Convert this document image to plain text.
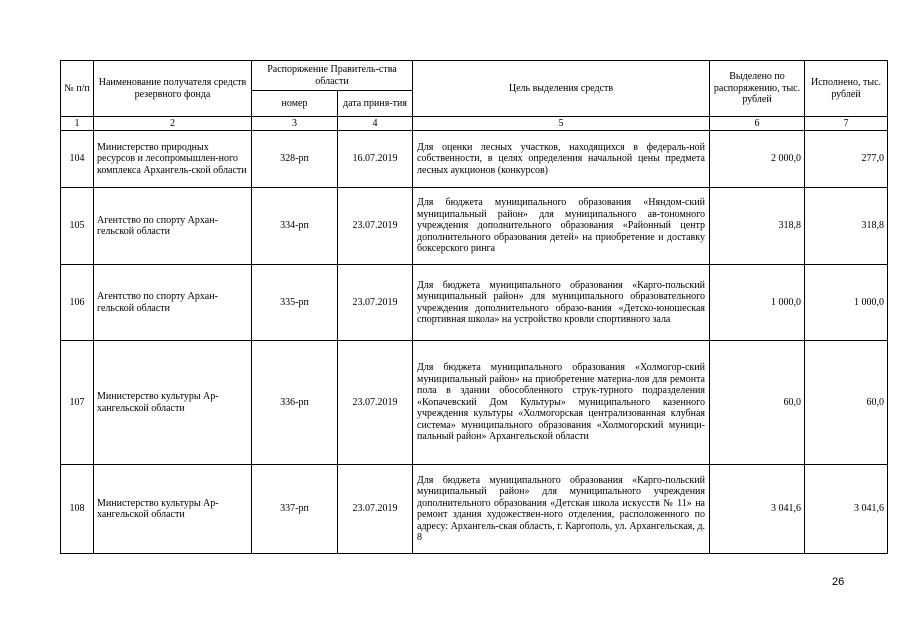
№ п/п	Наименование получателя средств резервного фонда	Распоряжение Правитель-ства области		Цель выделения средств	Выделено по распоряжению, тыс. рублей	Исполнено, тыс. рублей
		номер	дата приня-тия			
1	2	3	4	5	6	7
104	Министерство природных ресурсов и лесопромышлен-ного комплекса Архангель-ской области	328-рп	16.07.2019	Для оценки лесных участков, находящихся в федераль-ной собственности, в целях определения начальной цены предмета лесных аукционов (конкурсов)	2 000,0	277,0
105	Агентство по спорту Архан-гельской области	334-рп	23.07.2019	Для бюджета муниципального образования «Няндом-ский муниципальный район» для муниципального ав-тономного учреждения дополнительного образования «Районный центр дополнительного образования детей» на приобретение и доставку боксерского ринга	318,8	318,8
106	Агентство по спорту Архан-гельской области	335-рп	23.07.2019	Для бюджета муниципального образования «Карго-польский муниципальный район» для муниципального образовательного учреждения дополнительного образо-вания «Детско-юношеская спортивная школа» на устройство кровли спортивного зала	1 000,0	1 000,0
107	Министерство культуры Ар-хангельской области	336-рп	23.07.2019	Для бюджета муниципального образования «Холмогор-ский муниципальный район» на приобретение материа-лов для ремонта пола в здании обособленного струк-турного подразделения «Копачевский Дом Культуры» муниципального казенного учреждения культуры «Холмогорская централизованная клубная система» муниципального образования «Холмогорский муници-пальный район» Архангельской области	60,0	60,0
108	Министерство культуры Ар-хангельской области	337-рп	23.07.2019	Для бюджета муниципального образования «Карго-польский муниципальный район» для муниципального учреждения дополнительного образования «Детская школа искусств № 11» на ремонт здания художествен-ного отделения, расположенного по адресу: Архангель-ская область, г. Каргополь, ул. Архангельская, д. 8	3 041,6	3 041,6
26
